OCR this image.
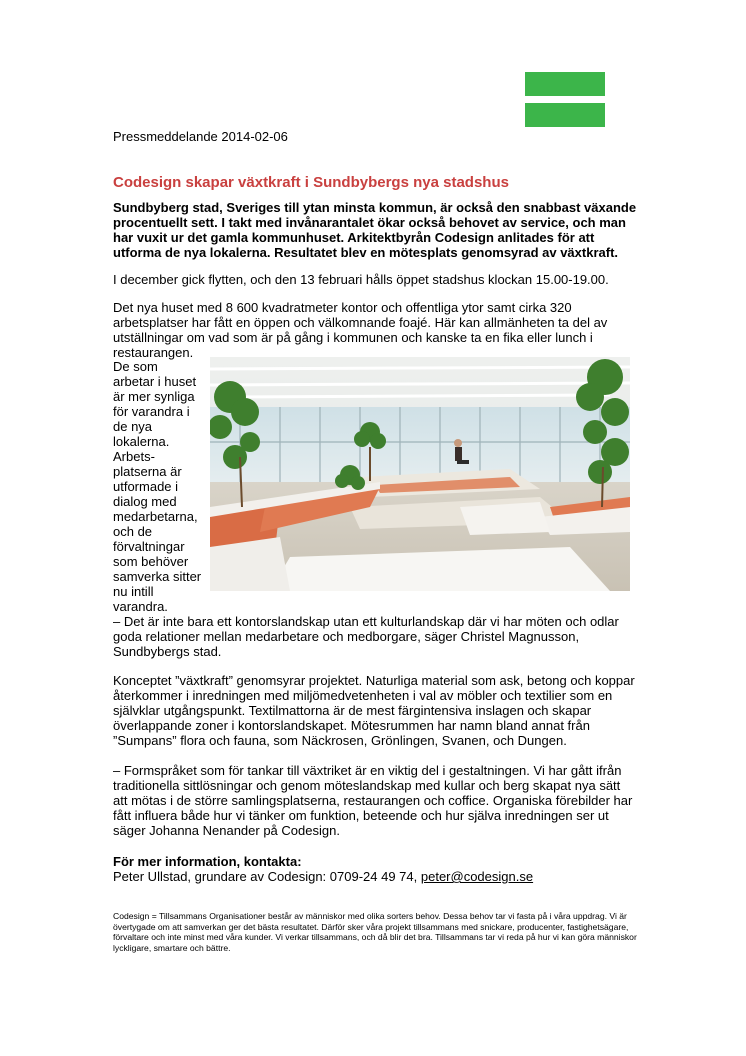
Pressmeddelande 2014-02-06
Codesign skapar växtkraft i Sundbybergs nya stadshus
Sundbyberg stad, Sveriges till ytan minsta kommun, är också den snabbast växande procentuellt sett. I takt med invånarantalet ökar också behovet av service, och man har vuxit ur det gamla kommunhuset. Arkitektbyrån Codesign anlitades för att utforma de nya lokalerna. Resultatet blev en mötesplats genomsyrad av växtkraft.
I december gick flytten, och den 13 februari hålls öppet stadshus klockan 15.00-19.00.
Det nya huset med 8 600 kvadratmeter kontor och offentliga ytor samt cirka 320 arbetsplatser har fått en öppen och välkomnande foajé. Här kan allmänheten ta del av utställningar om vad som är på gång i kommunen och kanske ta en fika eller lunch i restaurangen.
De som
arbetar i huset
är mer synliga
för varandra i
de nya
lokalerna.
Arbets-
platserna är
utformade i
dialog med
medarbetarna,
och de
förvaltningar
som behöver
samverka sitter
nu intill
varandra.
– Det är inte bara ett kontorslandskap utan ett kulturlandskap där vi har möten och odlar goda relationer mellan medarbetare och medborgare, säger Christel Magnusson, Sundbybergs stad.
Konceptet ”växtkraft” genomsyrar projektet. Naturliga material som ask, betong och koppar återkommer i inredningen med miljömedvetenheten i val av möbler och textilier som en självklar utgångspunkt. Textilmattorna är de mest färgintensiva inslagen och skapar överlappande zoner i kontorslandskapet. Mötesrummen har namn bland annat från ”Sumpans” flora och fauna, som Näckrosen, Grönlingen, Svanen, och Dungen.
– Formspråket som för tankar till växtriket är en viktig del i gestaltningen. Vi har gått ifrån traditionella sittlösningar och genom möteslandskap med kullar och berg skapat nya sätt att mötas i de större samlingsplatserna, restaurangen och coffice. Organiska förebilder har fått influera både hur vi tänker om funktion, beteende och hur själva inredningen ser ut säger Johanna Nenander på Codesign.
För mer information, kontakta:
Peter Ullstad, grundare av Codesign: 0709-24 49 74, peter@codesign.se
Codesign = Tillsammans Organisationer består av människor med olika sorters behov. Dessa behov tar vi fasta på i våra uppdrag. Vi är övertygade om att samverkan ger det bästa resultatet. Därför sker våra projekt tillsammans med snickare, producenter, fastighetsägare, förvaltare och inte minst med våra kunder. Vi verkar tillsammans, och då blir det bra. Tillsammans tar vi reda på hur vi kan göra människor lyckligare, smartare och bättre.
